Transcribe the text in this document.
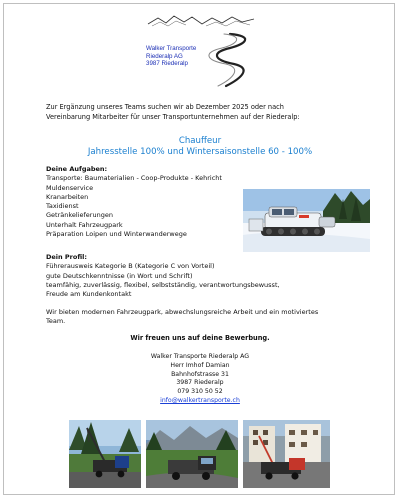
Walker Transporte
Riederalp AG
3987 Riederalp
Zur Ergänzung unseres Teams suchen wir ab Dezember 2025 oder nach
Vereinbarung Mitarbeiter für unser Transportunternehmen auf der Riederalp:
Chauffeur
Jahresstelle 100% und Wintersaisonstelle 60 - 100%
Deine Aufgaben:
Transporte: Baumaterialien - Coop-Produkte - Kehricht
Muldenservice
Kranarbeiten
Taxidienst
Getränkelieferungen
Unterhalt Fahrzeugpark
Präparation Loipen und Winterwanderwege
Dein Profil:
Führerausweis Kategorie B (Kategorie C von Vorteil)
gute Deutschkenntnisse (in Wort und Schrift)
teamfähig, zuverlässig, flexibel, selbstständig, verantwortungsbewusst,
Freude am Kundenkontakt
Wir bieten modernen Fahrzeugpark, abwechslungsreiche Arbeit und ein motiviertes
Team.
Wir freuen uns auf deine Bewerbung.
Walker Transporte Riederalp AG
Herr Imhof Damian
Bahnhofstrasse 31
3987 Riederalp
079 310 50 52
info@walkertransporte.ch
